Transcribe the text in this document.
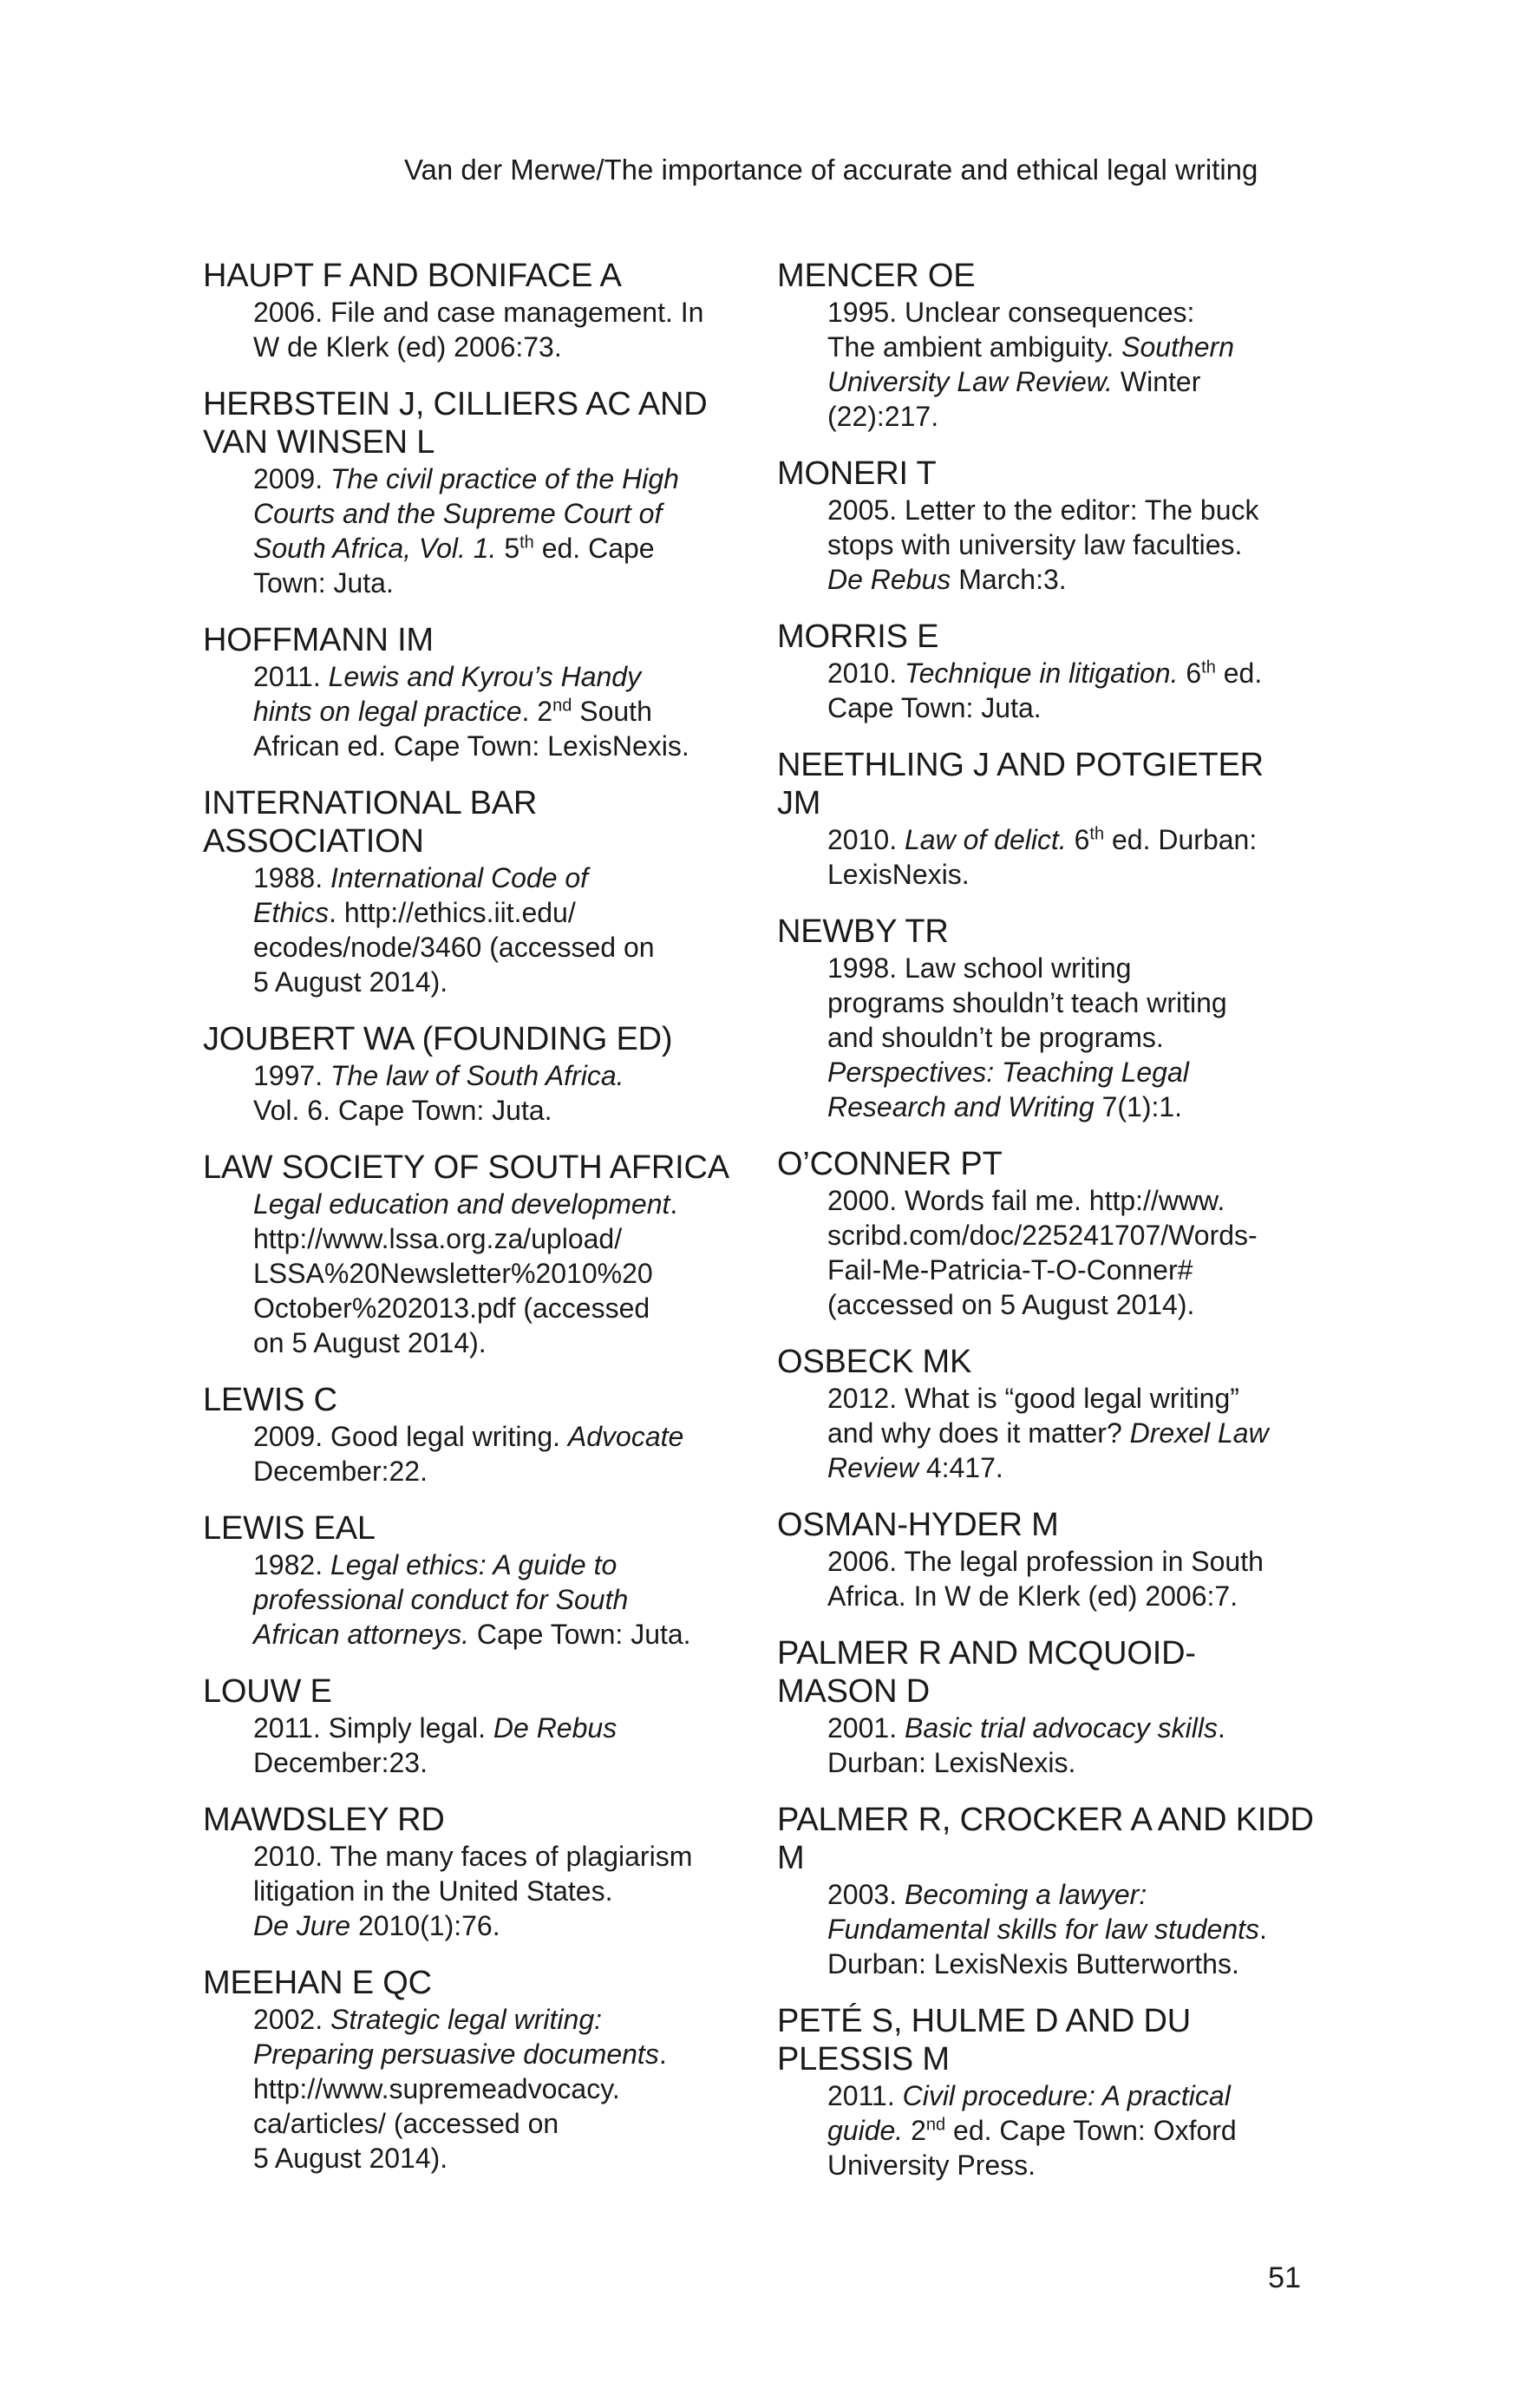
Van der Merwe/The importance of accurate and ethical legal writing
HAUPT F AND BONIFACE A
2006. File and case management. In
W de Klerk (ed) 2006:73.
HERBSTEIN J, CILLIERS AC AND VAN WINSEN L
2009. The civil practice of the High
Courts and the Supreme Court of
South Africa, Vol. 1. 5th ed. Cape
Town: Juta.
HOFFMANN IM
2011. Lewis and Kyrou’s Handy
hints on legal practice. 2nd South
African ed. Cape Town: LexisNexis.
INTERNATIONAL BAR ASSOCIATION
1988. International Code of
Ethics. http://ethics.iit.edu/
ecodes/node/3460 (accessed on
5 August 2014).
JOUBERT WA (FOUNDING ED)
1997. The law of South Africa.
Vol. 6. Cape Town: Juta.
LAW SOCIETY OF SOUTH AFRICA
Legal education and development.
http://www.lssa.org.za/upload/
LSSA%20Newsletter%2010%20
October%202013.pdf (accessed
on 5 August 2014).
LEWIS C
2009. Good legal writing. Advocate
December:22.
LEWIS EAL
1982. Legal ethics: A guide to
professional conduct for South
African attorneys. Cape Town: Juta.
LOUW E
2011. Simply legal. De Rebus
December:23.
MAWDSLEY RD
2010. The many faces of plagiarism
litigation in the United States.
De Jure 2010(1):76.
MEEHAN E QC
2002. Strategic legal writing:
Preparing persuasive documents.
http://www.supremeadvocacy.
ca/articles/ (accessed on
5 August 2014).
MENCER OE
1995. Unclear consequences:
The ambient ambiguity. Southern
University Law Review. Winter
(22):217.
MONERI T
2005. Letter to the editor: The buck
stops with university law faculties.
De Rebus March:3.
MORRIS E
2010. Technique in litigation. 6th ed.
Cape Town: Juta.
NEETHLING J AND POTGIETER JM
2010. Law of delict. 6th ed. Durban:
LexisNexis.
NEWBY TR
1998. Law school writing
programs shouldn’t teach writing
and shouldn’t be programs.
Perspectives: Teaching Legal
Research and Writing 7(1):1.
O’CONNER PT
2000. Words fail me. http://www.
scribd.com/doc/225241707/Words-
Fail-Me-Patricia-T-O-Conner#
(accessed on 5 August 2014).
OSBECK MK
2012. What is “good legal writing”
and why does it matter? Drexel Law
Review 4:417.
OSMAN-HYDER M
2006. The legal profession in South
Africa. In W de Klerk (ed) 2006:7.
PALMER R AND MCQUOID-MASON D
2001. Basic trial advocacy skills.
Durban: LexisNexis.
PALMER R, CROCKER A AND KIDD M
2003. Becoming a lawyer:
Fundamental skills for law students.
Durban: LexisNexis Butterworths.
PETÉ S, HULME D AND DU PLESSIS M
2011. Civil procedure: A practical
guide. 2nd ed. Cape Town: Oxford
University Press.
51
